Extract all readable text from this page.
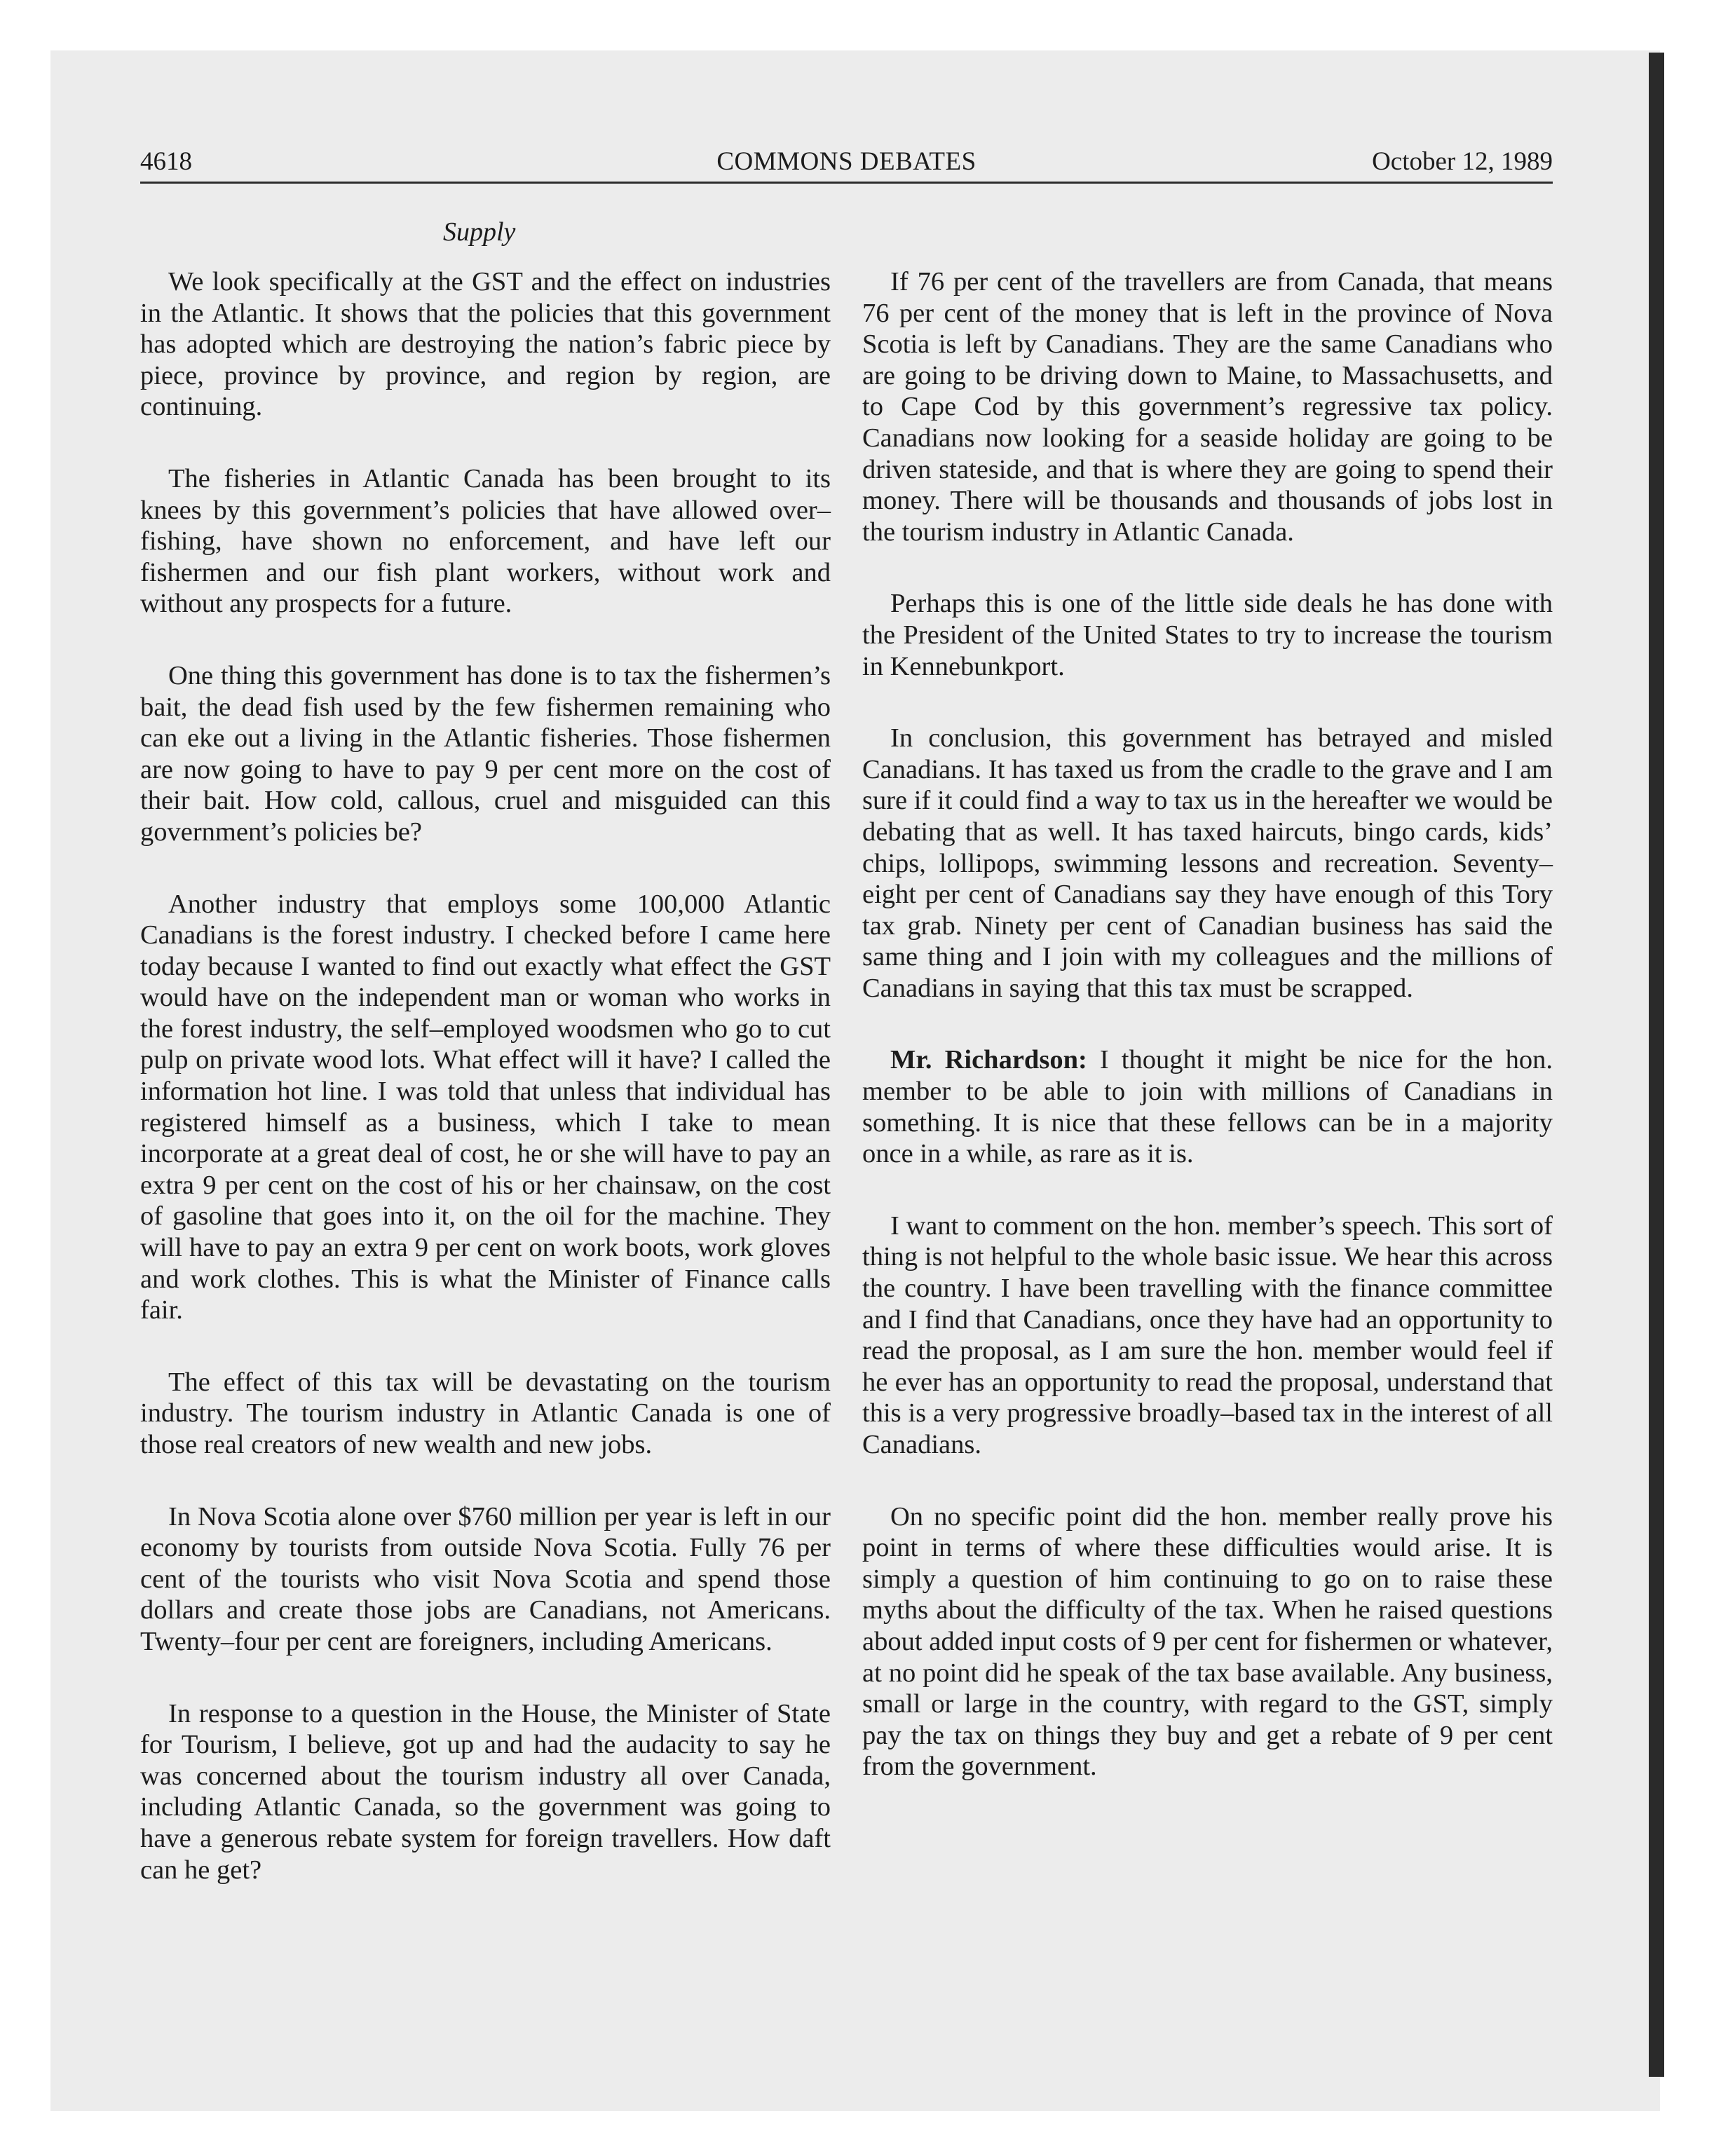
4618	COMMONS DEBATES	October 12, 1989
Supply

We look specifically at the GST and the effect on industries in the Atlantic. It shows that the policies that this government has adopted which are destroying the nation’s fabric piece by piece, province by province, and region by region, are continuing.

The fisheries in Atlantic Canada has been brought to its knees by this government’s policies that have allowed over–fishing, have shown no enforcement, and have left our fishermen and our fish plant workers, without work and without any prospects for a future.

One thing this government has done is to tax the fishermen’s bait, the dead fish used by the few fishermen remaining who can eke out a living in the Atlantic fisheries. Those fishermen are now going to have to pay 9 per cent more on the cost of their bait. How cold, callous, cruel and misguided can this government’s policies be?

Another industry that employs some 100,000 Atlantic Canadians is the forest industry. I checked before I came here today because I wanted to find out exactly what effect the GST would have on the independent man or woman who works in the forest industry, the self–employed woodsmen who go to cut pulp on private wood lots. What effect will it have? I called the information hot line. I was told that unless that individual has registered himself as a business, which I take to mean incorporate at a great deal of cost, he or she will have to pay an extra 9 per cent on the cost of his or her chainsaw, on the cost of gasoline that goes into it, on the oil for the machine. They will have to pay an extra 9 per cent on work boots, work gloves and work clothes. This is what the Minister of Finance calls fair.

The effect of this tax will be devastating on the tourism industry. The tourism industry in Atlantic Canada is one of those real creators of new wealth and new jobs.

In Nova Scotia alone over $760 million per year is left in our economy by tourists from outside Nova Scotia. Fully 76 per cent of the tourists who visit Nova Scotia and spend those dollars and create those jobs are Canadians, not Americans. Twenty–four per cent are foreigners, including Americans.

In response to a question in the House, the Minister of State for Tourism, I believe, got up and had the audacity to say he was concerned about the tourism industry all over Canada, including Atlantic Canada, so the government was going to have a generous rebate system for foreign travellers. How daft can he get?

If 76 per cent of the travellers are from Canada, that means 76 per cent of the money that is left in the province of Nova Scotia is left by Canadians. They are the same Canadians who are going to be driving down to Maine, to Massachusetts, and to Cape Cod by this government’s regressive tax policy. Canadians now looking for a seaside holiday are going to be driven stateside, and that is where they are going to spend their money. There will be thousands and thousands of jobs lost in the tourism industry in Atlantic Canada.

Perhaps this is one of the little side deals he has done with the President of the United States to try to increase the tourism in Kennebunkport.

In conclusion, this government has betrayed and misled Canadians. It has taxed us from the cradle to the grave and I am sure if it could find a way to tax us in the hereafter we would be debating that as well. It has taxed haircuts, bingo cards, kids’ chips, lollipops, swimming lessons and recreation. Seventy–eight per cent of Canadians say they have enough of this Tory tax grab. Ninety per cent of Canadian business has said the same thing and I join with my colleagues and the millions of Canadians in saying that this tax must be scrapped.

Mr. Richardson: I thought it might be nice for the hon. member to be able to join with millions of Canadians in something. It is nice that these fellows can be in a majority once in a while, as rare as it is.

I want to comment on the hon. member’s speech. This sort of thing is not helpful to the whole basic issue. We hear this across the country. I have been travelling with the finance committee and I find that Canadians, once they have had an opportunity to read the proposal, as I am sure the hon. member would feel if he ever has an opportunity to read the proposal, understand that this is a very progressive broadly–based tax in the interest of all Canadians.

On no specific point did the hon. member really prove his point in terms of where these difficulties would arise. It is simply a question of him continuing to go on to raise these myths about the difficulty of the tax. When he raised questions about added input costs of 9 per cent for fishermen or whatever, at no point did he speak of the tax base available. Any business, small or large in the country, with regard to the GST, simply pay the tax on things they buy and get a rebate of 9 per cent from the government.
